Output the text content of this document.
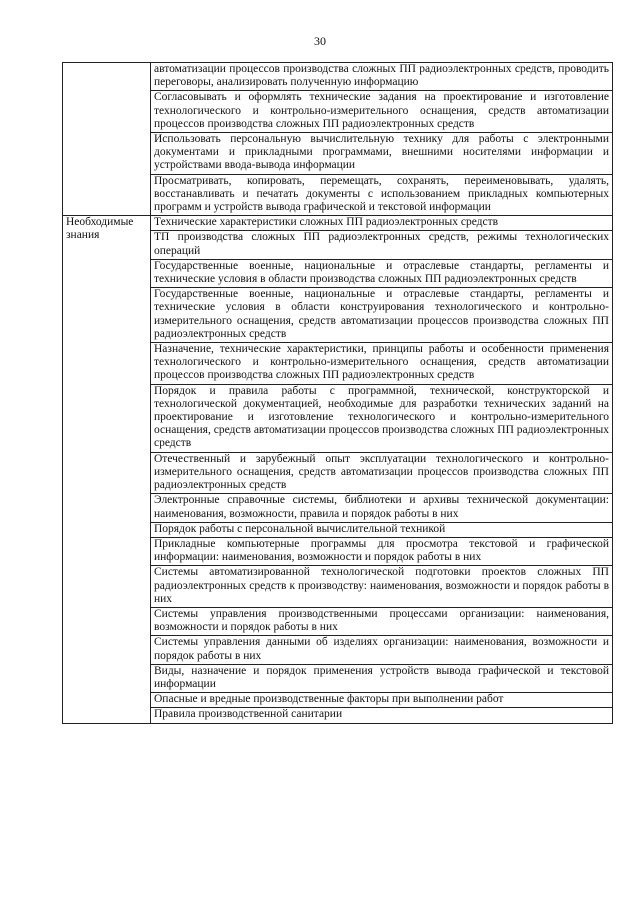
30
	автоматизации процессов производства сложных ПП радиоэлектронных средств, проводить переговоры, анализировать полученную информацию
	Согласовывать и оформлять технические задания на проектирование и изготовление технологического и контрольно-измерительного оснащения, средств автоматизации процессов производства сложных ПП радиоэлектронных средств
	Использовать персональную вычислительную технику для работы с электронными документами и прикладными программами, внешними носителями информации и устройствами ввода-вывода информации
	Просматривать, копировать, перемещать, сохранять, переименовывать, удалять, восстанавливать и печатать документы с использованием прикладных компьютерных программ и устройств вывода графической и текстовой информации
Необходимые знания	Технические характеристики сложных ПП радиоэлектронных средств
	ТП производства сложных ПП радиоэлектронных средств, режимы технологических операций
	Государственные военные, национальные и отраслевые стандарты, регламенты и технические условия в области производства сложных ПП радиоэлектронных средств
	Государственные военные, национальные и отраслевые стандарты, регламенты и технические условия в области конструирования технологического и контрольно-измерительного оснащения, средств автоматизации процессов производства сложных ПП радиоэлектронных средств
	Назначение, технические характеристики, принципы работы и особенности применения технологического и контрольно-измерительного оснащения, средств автоматизации процессов производства сложных ПП радиоэлектронных средств
	Порядок и правила работы с программной, технической, конструкторской и технологической документацией, необходимые для разработки технических заданий на проектирование и изготовление технологического и контрольно-измерительного оснащения, средств автоматизации процессов производства сложных ПП радиоэлектронных средств
	Отечественный и зарубежный опыт эксплуатации технологического и контрольно-измерительного оснащения, средств автоматизации процессов производства сложных ПП радиоэлектронных средств
	Электронные справочные системы, библиотеки и архивы технической документации: наименования, возможности, правила и порядок работы в них
	Порядок работы с персональной вычислительной техникой
	Прикладные компьютерные программы для просмотра текстовой и графической информации: наименования, возможности и порядок работы в них
	Системы автоматизированной технологической подготовки проектов сложных ПП радиоэлектронных средств к производству: наименования, возможности и порядок работы в них
	Системы управления производственными процессами организации: наименования, возможности и порядок работы в них
	Системы управления данными об изделиях организации: наименования, возможности и порядок работы в них
	Виды, назначение и порядок применения устройств вывода графической и текстовой информации
	Опасные и вредные производственные факторы при выполнении работ
	Правила производственной санитарии
